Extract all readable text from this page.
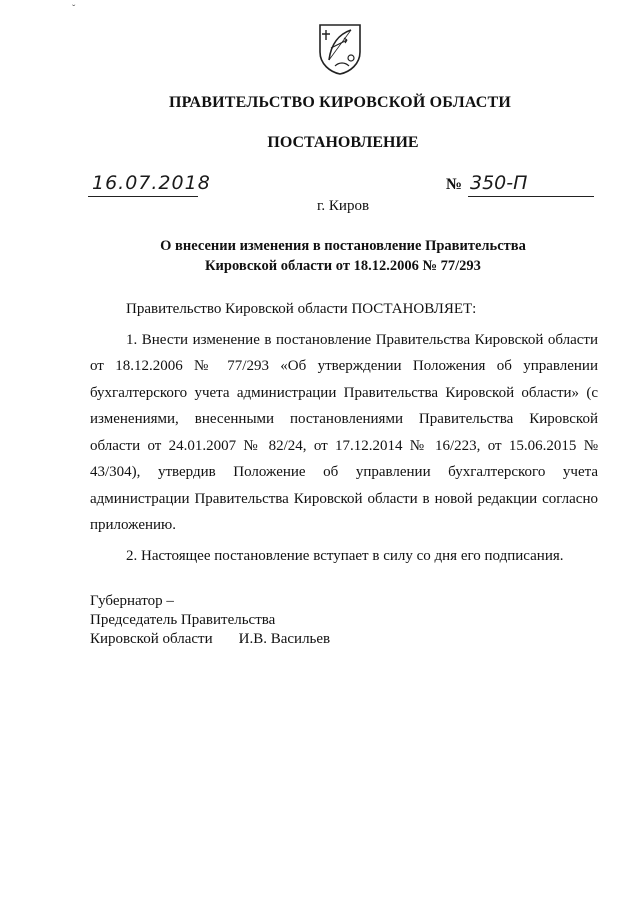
ˇ
ПРАВИТЕЛЬСТВО КИРОВСКОЙ ОБЛАСТИ
ПОСТАНОВЛЕНИЕ
16.07.2018	№ 350-П
г. Киров
О внесении изменения в постановление Правительства
Кировской области от 18.12.2006 № 77/293

Правительство Кировской области ПОСТАНОВЛЯЕТ:

1. Внести изменение в постановление Правительства Кировской области от 18.12.2006 № 77/293 «Об утверждении Положения об управлении бухгалтерского учета администрации Правительства Кировской области» (с изменениями, внесенными постановлениями Правительства Кировской области от 24.01.2007 № 82/24, от 17.12.2014 № 16/223, от 15.06.2015 № 43/304), утвердив Положение об управлении бухгалтерского учета администрации Правительства Кировской области в новой редакции согласно приложению.

2. Настоящее постановление вступает в силу со дня его подписания.

Губернатор –
Председатель Правительства
Кировской области И.В. Васильев
